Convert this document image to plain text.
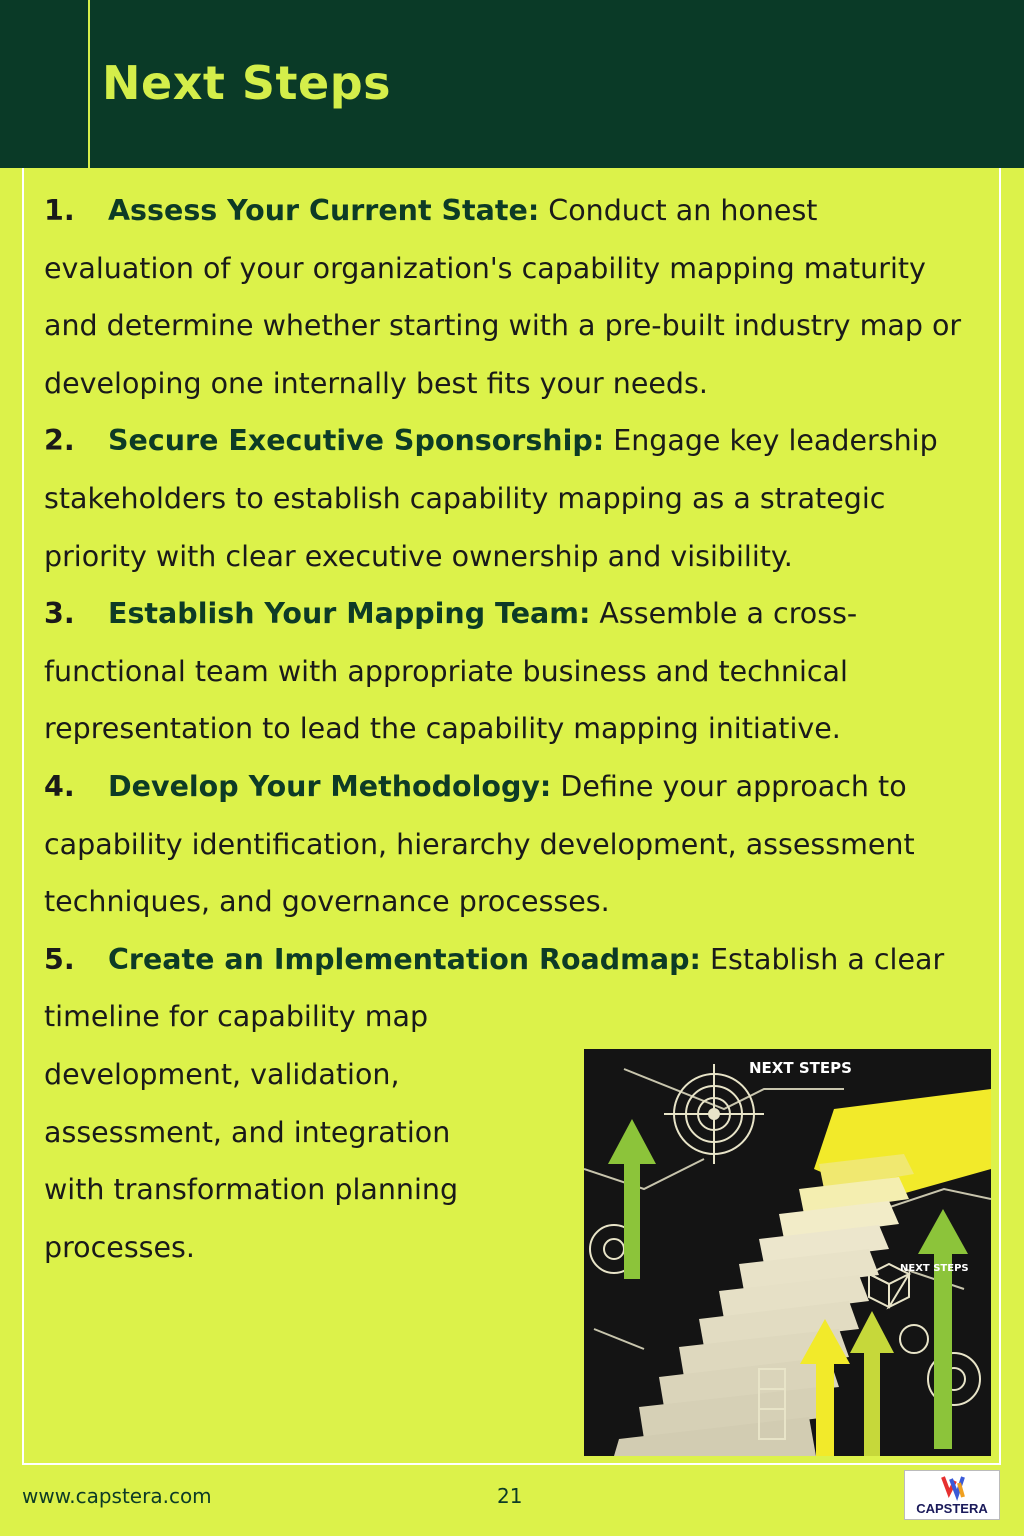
Next Steps

1. Assess Your Current State: Conduct an honest evaluation of your organization's capability mapping maturity and determine whether starting with a pre-built industry map or developing one internally best fits your needs.

2. Secure Executive Sponsorship: Engage key leadership stakeholders to establish capability mapping as a strategic priority with clear executive ownership and visibility.

3. Establish Your Mapping Team: Assemble a cross-functional team with appropriate business and technical representation to lead the capability mapping initiative.

4. Develop Your Methodology: Define your approach to capability identification, hierarchy development, assessment techniques, and governance processes.

5. Create an Implementation Roadmap: Establish a clear

timeline for capability map
development, validation,
assessment, and integration
with transformation planning
processes.
NEXT STEPS
NEXT STEPS
www.capstera.com	21
CAPSTERA
